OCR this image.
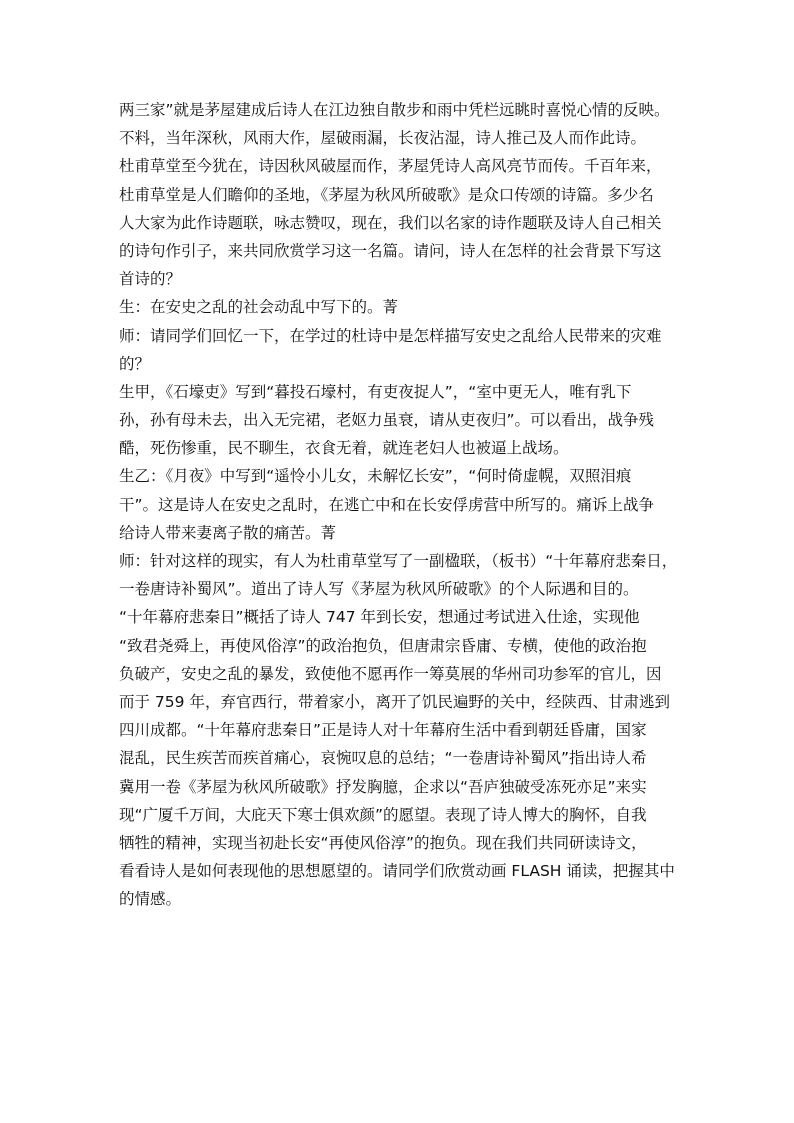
两三家”就是茅屋建成后诗人在江边独自散步和雨中凭栏远眺时喜悦心情的反映。
不料，当年深秋，风雨大作，屋破雨漏，长夜沾湿，诗人推己及人而作此诗。
杜甫草堂至今犹在，诗因秋风破屋而作，茅屋凭诗人高风亮节而传。千百年来，
杜甫草堂是人们瞻仰的圣地，《茅屋为秋风所破歌》是众口传颂的诗篇。多少名
人大家为此作诗题联，咏志赞叹，现在，我们以名家的诗作题联及诗人自己相关
的诗句作引子，来共同欣赏学习这一名篇。请问，诗人在怎样的社会背景下写这
首诗的？
生：在安史之乱的社会动乱中写下的。菁
师：请同学们回忆一下，在学过的杜诗中是怎样描写安史之乱给人民带来的灾难
的？
生甲，《石壕吏》写到“暮投石壕村，有吏夜捉人”，“室中更无人，唯有乳下
孙，孙有母未去，出入无完裙，老妪力虽衰，请从吏夜归”。可以看出，战争残
酷，死伤惨重，民不聊生，衣食无着，就连老妇人也被逼上战场。
生乙：《月夜》中写到“遥怜小儿女，未解忆长安”，“何时倚虚幌，双照泪痕
干”。这是诗人在安史之乱时，在逃亡中和在长安俘虏营中所写的。痛诉上战争
给诗人带来妻离子散的痛苦。菁
师：针对这样的现实，有人为杜甫草堂写了一副楹联，（板书）“十年幕府悲秦日，
一卷唐诗补蜀风”。道出了诗人写《茅屋为秋风所破歌》的个人际遇和目的。
“十年幕府悲秦日”概括了诗人 747 年到长安，想通过考试进入仕途，实现他
“致君尧舜上，再使风俗淳”的政治抱负，但唐肃宗昏庸、专横，使他的政治抱
负破产，安史之乱的暴发，致使他不愿再作一筹莫展的华州司功参军的官儿，因
而于 759 年，弃官西行，带着家小，离开了饥民遍野的关中，经陕西、甘肃逃到
四川成都。“十年幕府悲秦日”正是诗人对十年幕府生活中看到朝廷昏庸，国家
混乱，民生疾苦而疾首痛心，哀惋叹息的总结；“一卷唐诗补蜀风”指出诗人希
冀用一卷《茅屋为秋风所破歌》抒发胸臆，企求以“吾庐独破受冻死亦足”来实
现“广厦千万间，大庇天下寒士俱欢颜”的愿望。表现了诗人博大的胸怀，自我
牺牲的精神，实现当初赴长安“再使风俗淳”的抱负。现在我们共同研读诗文，
看看诗人是如何表现他的思想愿望的。请同学们欣赏动画 FLASH 诵读，把握其中
的情感。
